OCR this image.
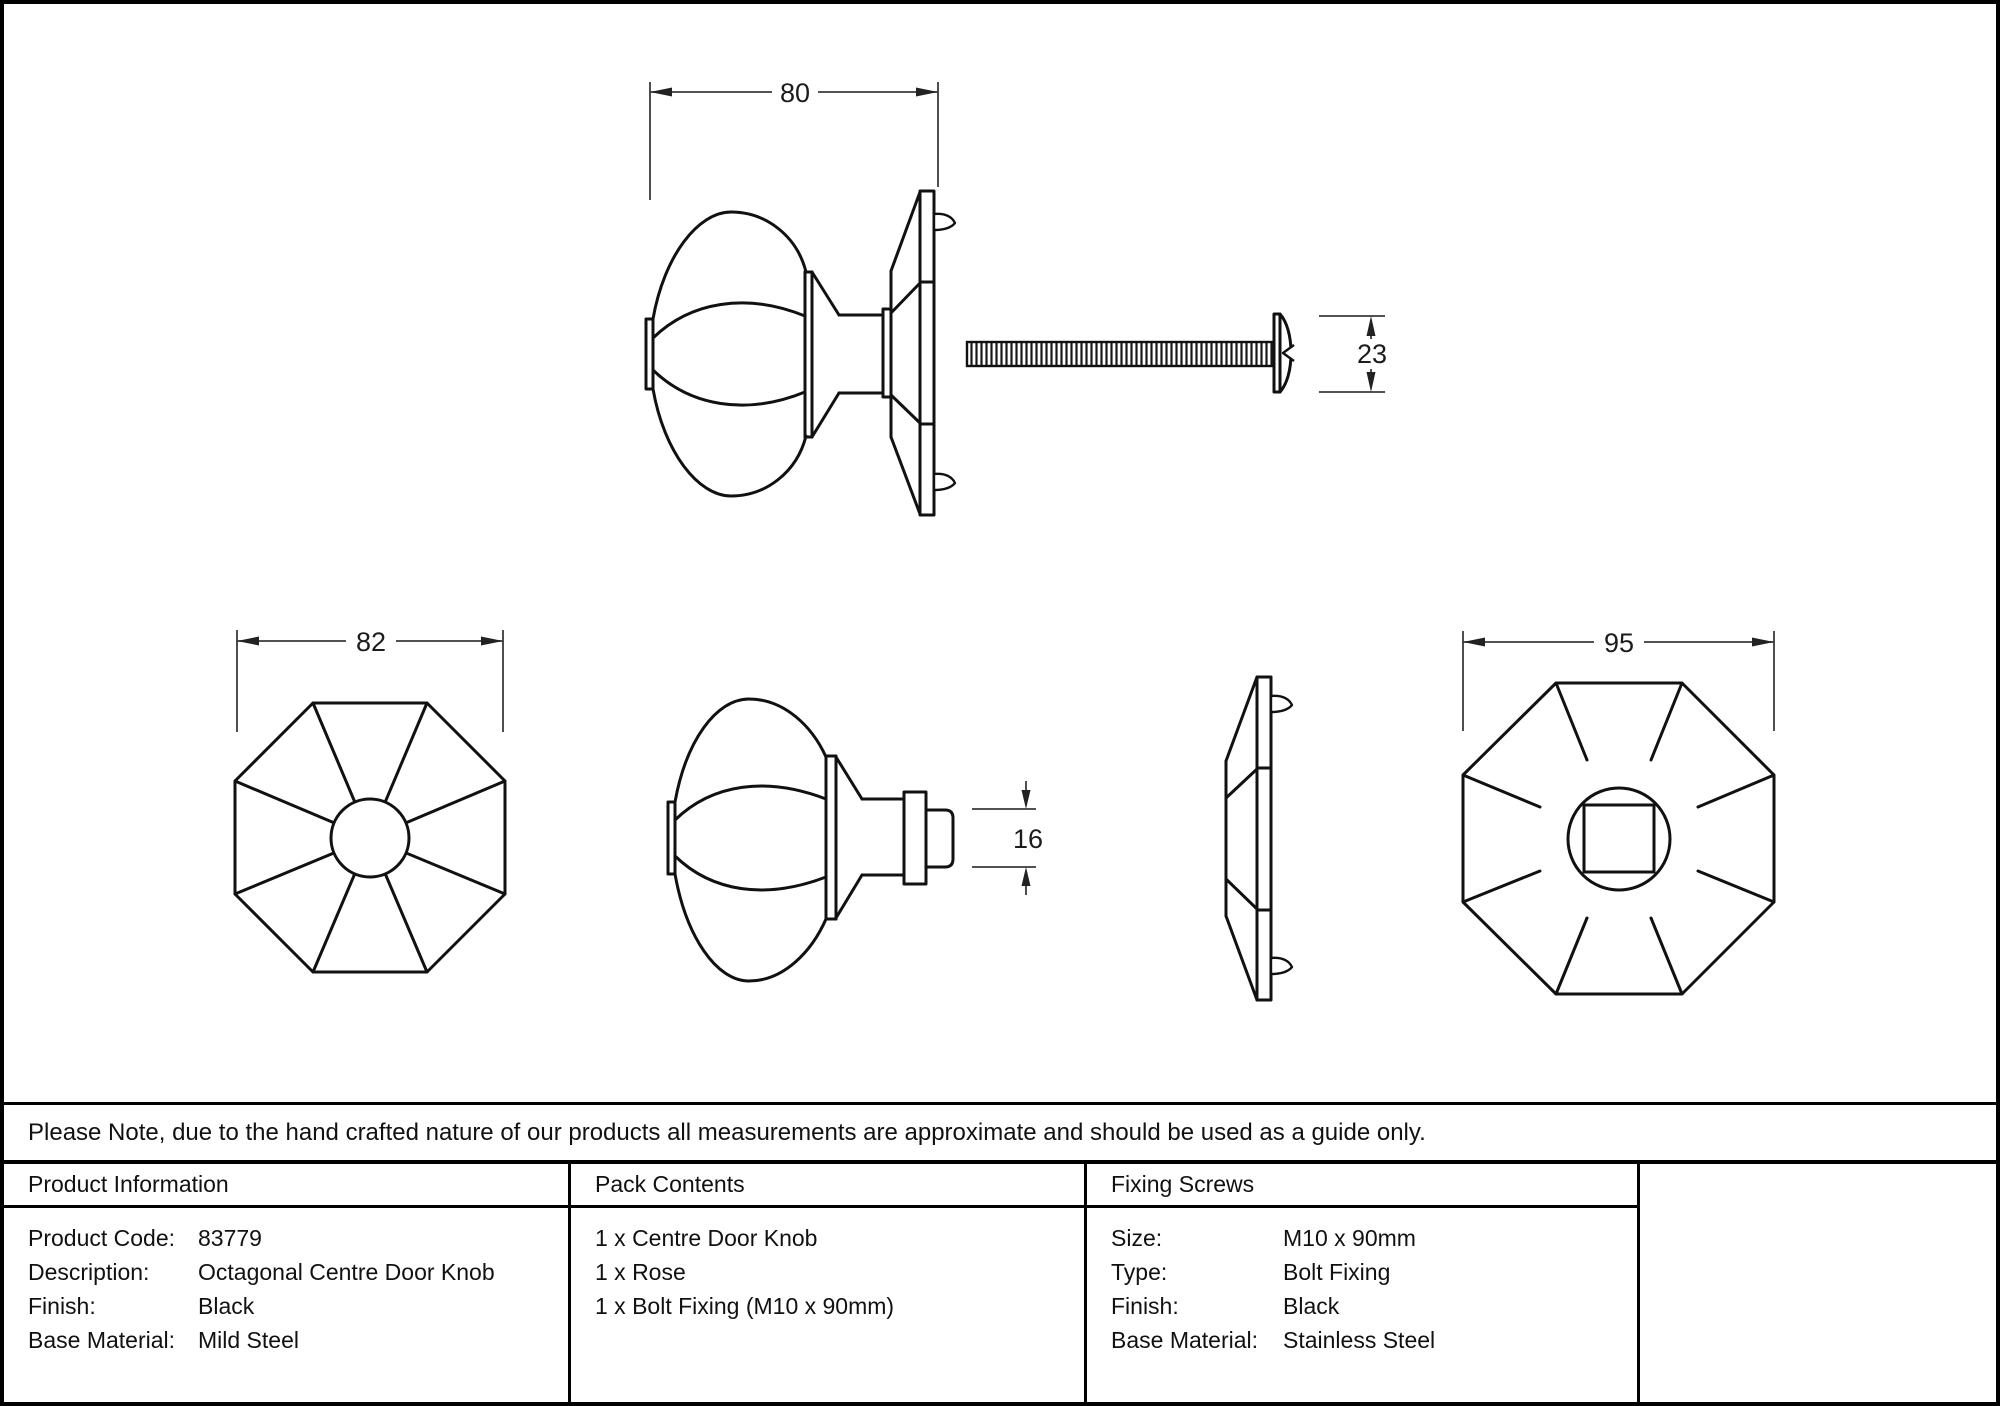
80
23
82
16
95
Please Note, due to the hand crafted nature of our products all measurements are approximate and should be used as a guide only.
Product Information
Product Code: 83779
Description:	Octagonal Centre Door Knob
Finish:	Black
Base Material: Mild Steel
Pack Contents
1 x Centre Door Knob
1 x Rose
1 x Bolt Fixing (M10 x 90mm)
Fixing Screws
Size:	M10 x 90mm
Type:	Bolt Fixing
Finish:	Black
Base Material:	Stainless Steel
